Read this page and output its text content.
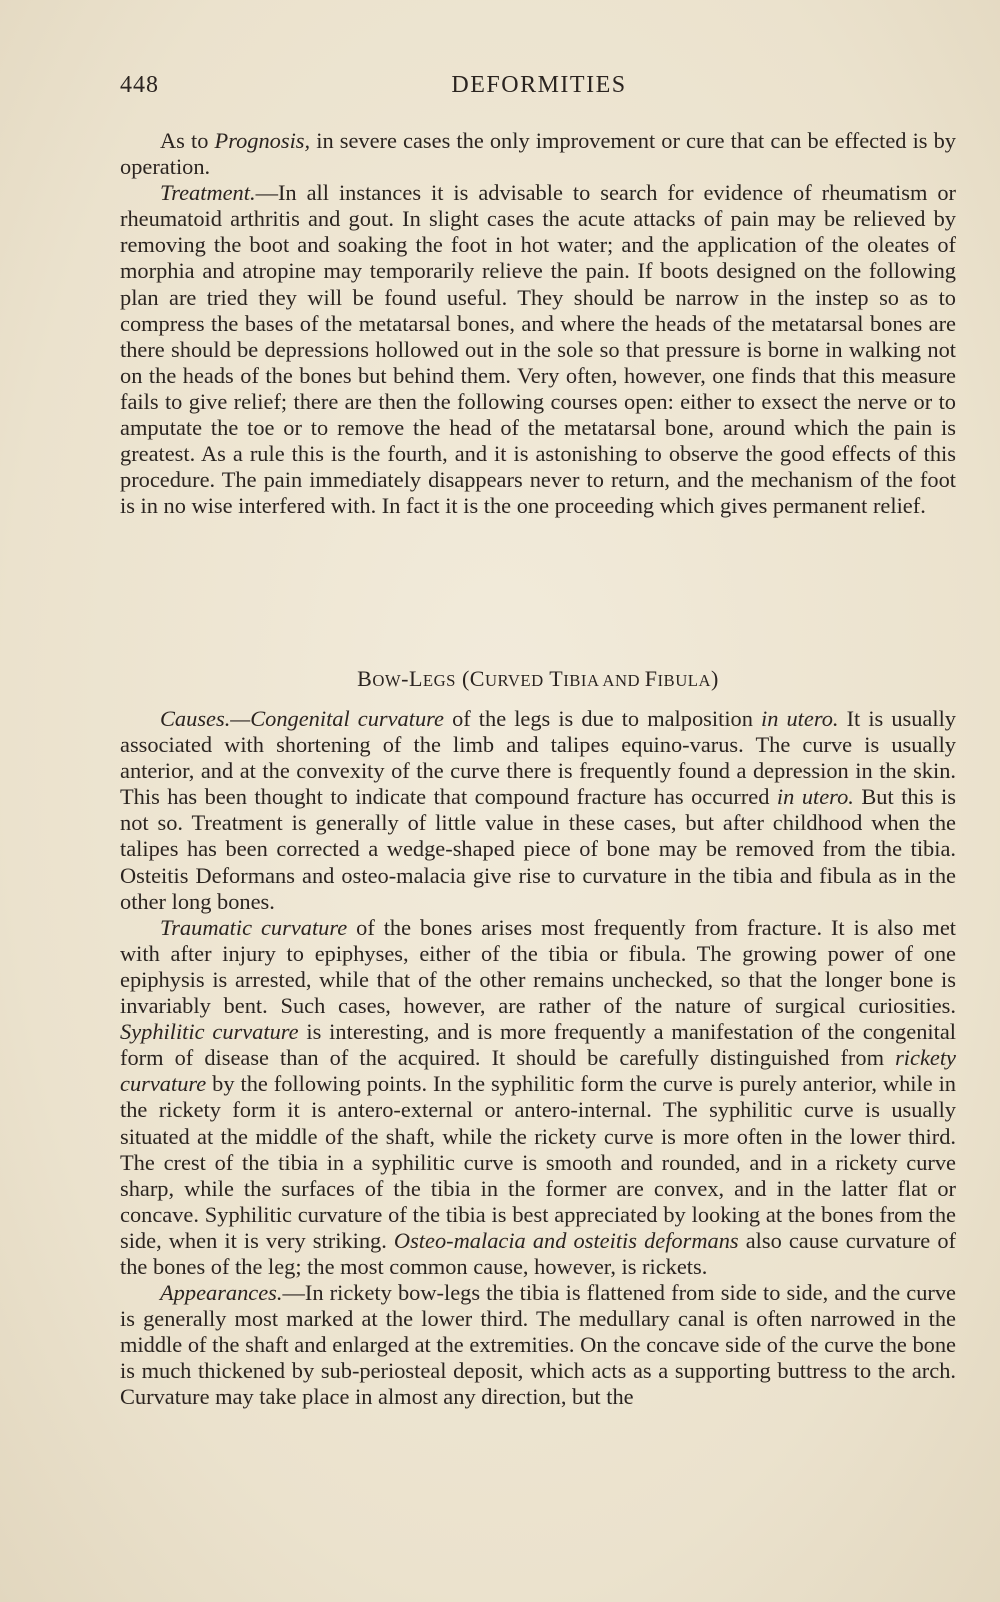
448	DEFORMITIES

As to Prognosis, in severe cases the only improvement or cure that can be effected is by operation.

Treatment.—In all instances it is advisable to search for evidence of rheumatism or rheumatoid arthritis and gout. In slight cases the acute attacks of pain may be relieved by removing the boot and soaking the foot in hot water; and the application of the oleates of morphia and atropine may temporarily relieve the pain. If boots designed on the following plan are tried they will be found useful. They should be narrow in the instep so as to compress the bases of the metatarsal bones, and where the heads of the metatarsal bones are there should be depressions hollowed out in the sole so that pressure is borne in walking not on the heads of the bones but behind them. Very often, however, one finds that this measure fails to give relief; there are then the following courses open: either to exsect the nerve or to amputate the toe or to remove the head of the metatarsal bone, around which the pain is greatest. As a rule this is the fourth, and it is astonishing to observe the good effects of this procedure. The pain immediately disappears never to return, and the mechanism of the foot is in no wise interfered with. In fact it is the one proceeding which gives permanent relief.

BOW-LEGS (CURVED TIBIA AND FIBULA)

Causes.—Congenital curvature of the legs is due to malposition in utero. It is usually associated with shortening of the limb and talipes equino-varus. The curve is usually anterior, and at the convexity of the curve there is frequently found a depression in the skin. This has been thought to indicate that compound fracture has occurred in utero. But this is not so. Treatment is generally of little value in these cases, but after childhood when the talipes has been corrected a wedge-shaped piece of bone may be removed from the tibia. Osteitis Deformans and osteo-malacia give rise to curvature in the tibia and fibula as in the other long bones.

Traumatic curvature of the bones arises most frequently from fracture. It is also met with after injury to epiphyses, either of the tibia or fibula. The growing power of one epiphysis is arrested, while that of the other remains unchecked, so that the longer bone is invariably bent. Such cases, however, are rather of the nature of surgical curiosities. Syphilitic curvature is interesting, and is more frequently a manifestation of the congenital form of disease than of the acquired. It should be carefully distinguished from rickety curvature by the following points. In the syphilitic form the curve is purely anterior, while in the rickety form it is antero-external or antero-internal. The syphilitic curve is usually situated at the middle of the shaft, while the rickety curve is more often in the lower third. The crest of the tibia in a syphilitic curve is smooth and rounded, and in a rickety curve sharp, while the surfaces of the tibia in the former are convex, and in the latter flat or concave. Syphilitic curvature of the tibia is best appreciated by looking at the bones from the side, when it is very striking. Osteo-malacia and osteitis deformans also cause curvature of the bones of the leg; the most common cause, however, is rickets.

Appearances.—In rickety bow-legs the tibia is flattened from side to side, and the curve is generally most marked at the lower third. The medullary canal is often narrowed in the middle of the shaft and enlarged at the extremities. On the concave side of the curve the bone is much thickened by sub-periosteal deposit, which acts as a supporting buttress to the arch. Curvature may take place in almost any direction, but the
